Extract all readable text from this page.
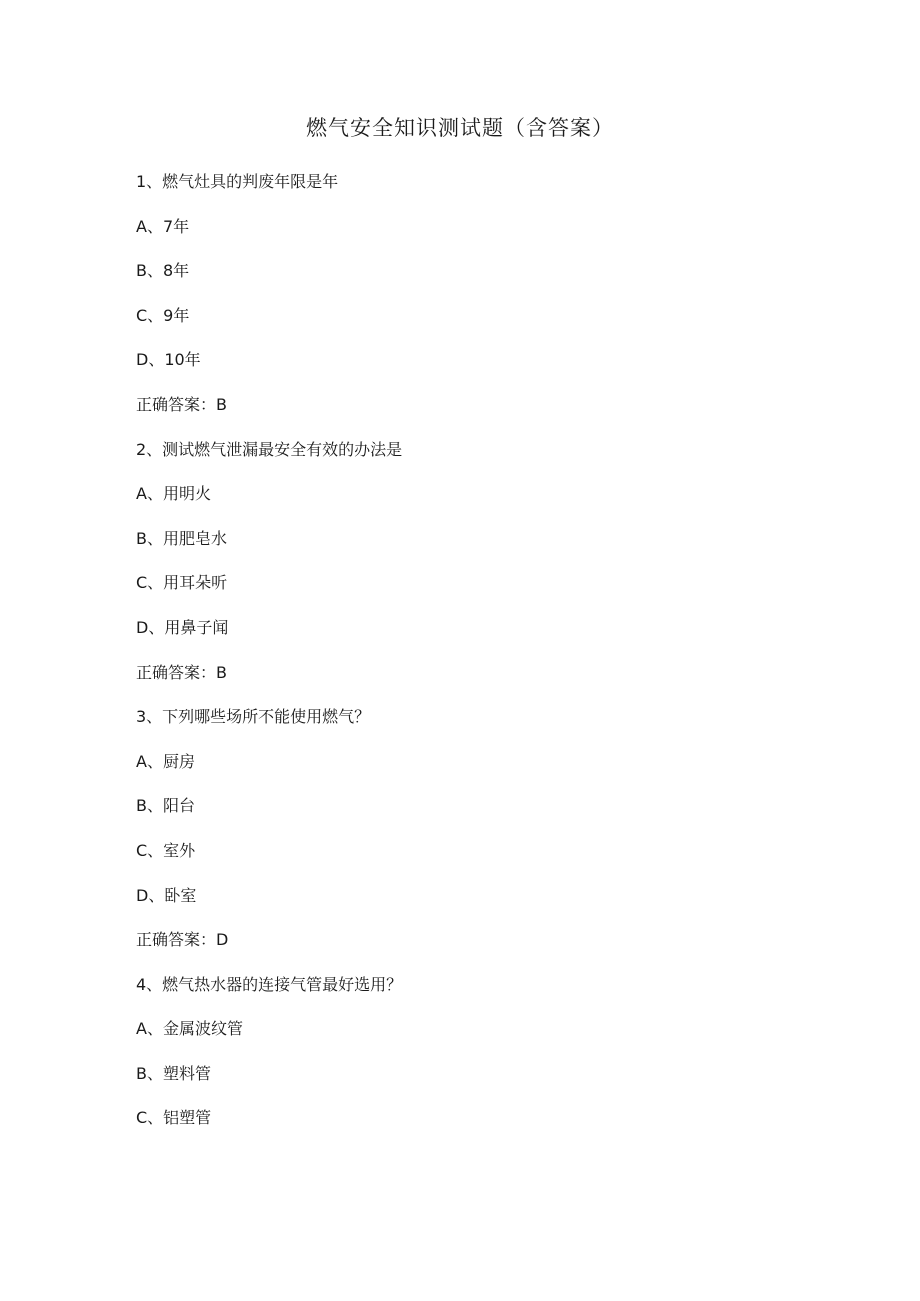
燃气安全知识测试题（含答案）
1、燃气灶具的判废年限是年
A、7年
B、8年
C、9年
D、10年
正确答案：B
2、测试燃气泄漏最安全有效的办法是
A、用明火
B、用肥皂水
C、用耳朵听
D、用鼻子闻
正确答案：B
3、下列哪些场所不能使用燃气？
A、厨房
B、阳台
C、室外
D、卧室
正确答案：D
4、燃气热水器的连接气管最好选用？
A、金属波纹管
B、塑料管
C、铝塑管
